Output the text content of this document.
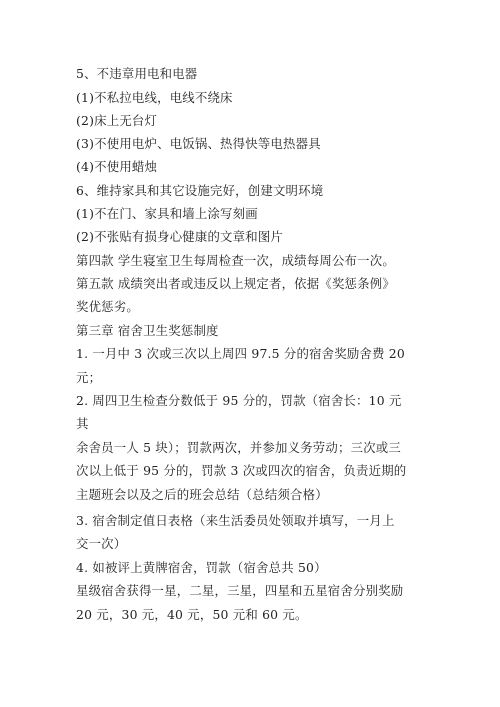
5、不违章用电和电器
(1)不私拉电线，电线不绕床
(2)床上无台灯
(3)不使用电炉、电饭锅、热得快等电热器具
(4)不使用蜡烛
6、维持家具和其它设施完好，创建文明环境
(1)不在门、家具和墙上涂写刻画
(2)不张贴有损身心健康的文章和图片
第四款 学生寝室卫生每周检查一次，成绩每周公布一次。
第五款 成绩突出者或违反以上规定者，依据《奖惩条例》
奖优惩劣。
第三章 宿舍卫生奖惩制度
1. 一月中 3 次或三次以上周四 97.5 分的宿舍奖励舍费 20
元；
2. 周四卫生检查分数低于 95 分的，罚款（宿舍长：10 元
其
余舍员一人 5 块）；罚款两次，并参加义务劳动；三次或三
次以上低于 95 分的，罚款 3 次或四次的宿舍，负责近期的
主题班会以及之后的班会总结（总结须合格）
3. 宿舍制定值日表格（来生活委员处领取并填写，一月上
交一次）
4. 如被评上黄牌宿舍，罚款（宿舍总共 50）
星级宿舍获得一星，二星，三星，四星和五星宿舍分别奖励
20 元，30 元，40 元，50 元和 60 元。
